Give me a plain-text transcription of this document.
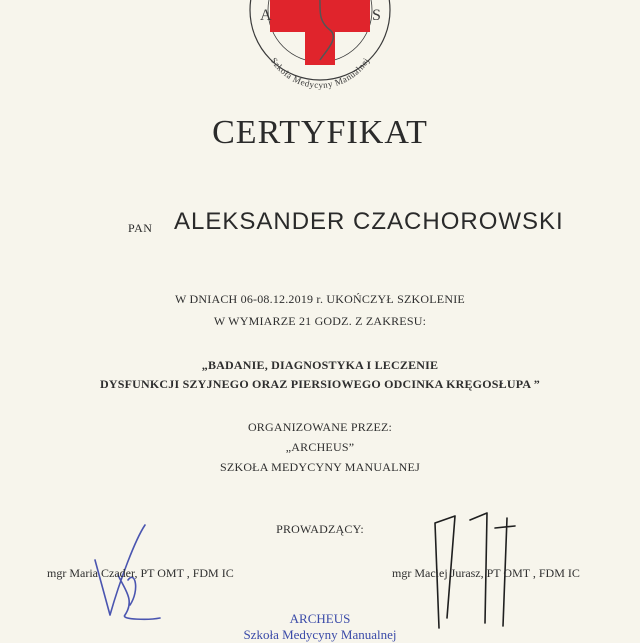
A	S
Szkoła Medycyny Manualnej
CERTYFIKAT
PAN ALEKSANDER CZACHOROWSKI
W DNIACH 06-08.12.2019 r. UKOŃCZYŁ SZKOLENIE
W WYMIARZE 21 GODZ. Z ZAKRESU:
„BADANIE, DIAGNOSTYKA I LECZENIE
DYSFUNKCJI SZYJNEGO ORAZ PIERSIOWEGO ODCINKA KRĘGOSŁUPA ”
ORGANIZOWANE PRZEZ:
„ARCHEUS”
SZKOŁA MEDYCYNY MANUALNEJ
PROWADZĄCY:
mgr Maria Czader, PT OMT , FDM IC	mgr Maciej Jurasz, PT OMT , FDM IC
ARCHEUS
Szkoła Medycyny Manualnej
